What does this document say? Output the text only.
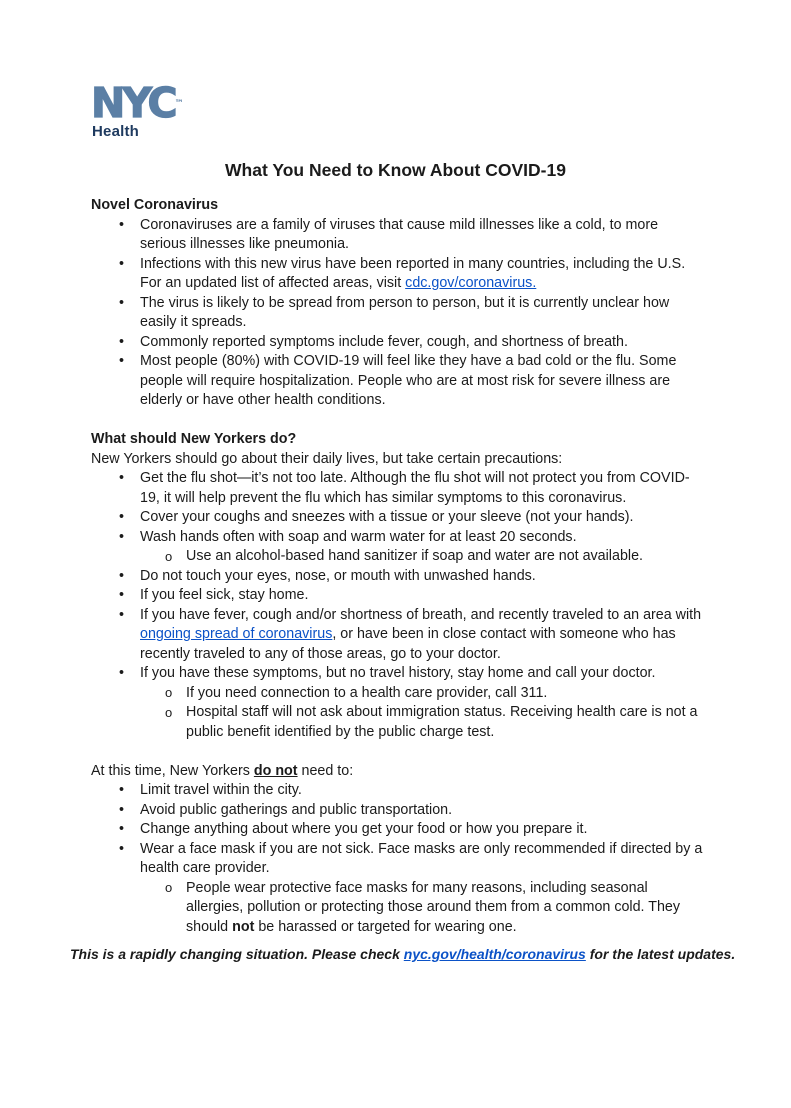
NYC™
Health
What You Need to Know About COVID-19
Novel Coronavirus
• Coronaviruses are a family of viruses that cause mild illnesses like a cold, to more serious illnesses like pneumonia.
• Infections with this new virus have been reported in many countries, including the U.S. For an updated list of affected areas, visit cdc.gov/coronavirus.
• The virus is likely to be spread from person to person, but it is currently unclear how easily it spreads.
• Commonly reported symptoms include fever, cough, and shortness of breath.
• Most people (80%) with COVID-19 will feel like they have a bad cold or the flu. Some people will require hospitalization. People who are at most risk for severe illness are elderly or have other health conditions.
What should New Yorkers do?

New Yorkers should go about their daily lives, but take certain precautions:

• Get the flu shot—it’s not too late. Although the flu shot will not protect you from COVID-19, it will help prevent the flu which has similar symptoms to this coronavirus.
• Cover your coughs and sneezes with a tissue or your sleeve (not your hands).
• Wash hands often with soap and warm water for at least 20 seconds.
o Use an alcohol-based hand sanitizer if soap and water are not available.
• Do not touch your eyes, nose, or mouth with unwashed hands.
• If you feel sick, stay home.
• If you have fever, cough and/or shortness of breath, and recently traveled to an area with ongoing spread of coronavirus, or have been in close contact with someone who has recently traveled to any of those areas, go to your doctor.
• If you have these symptoms, but no travel history, stay home and call your doctor.
o If you need connection to a health care provider, call 311.
o Hospital staff will not ask about immigration status. Receiving health care is not a public benefit identified by the public charge test.

At this time, New Yorkers do not need to:

• Limit travel within the city.
• Avoid public gatherings and public transportation.
• Change anything about where you get your food or how you prepare it.
• Wear a face mask if you are not sick. Face masks are only recommended if directed by a health care provider.
o People wear protective face masks for many reasons, including seasonal allergies, pollution or protecting those around them from a common cold. They should not be harassed or targeted for wearing one.
This is a rapidly changing situation. Please check nyc.gov/health/coronavirus for the latest updates.
